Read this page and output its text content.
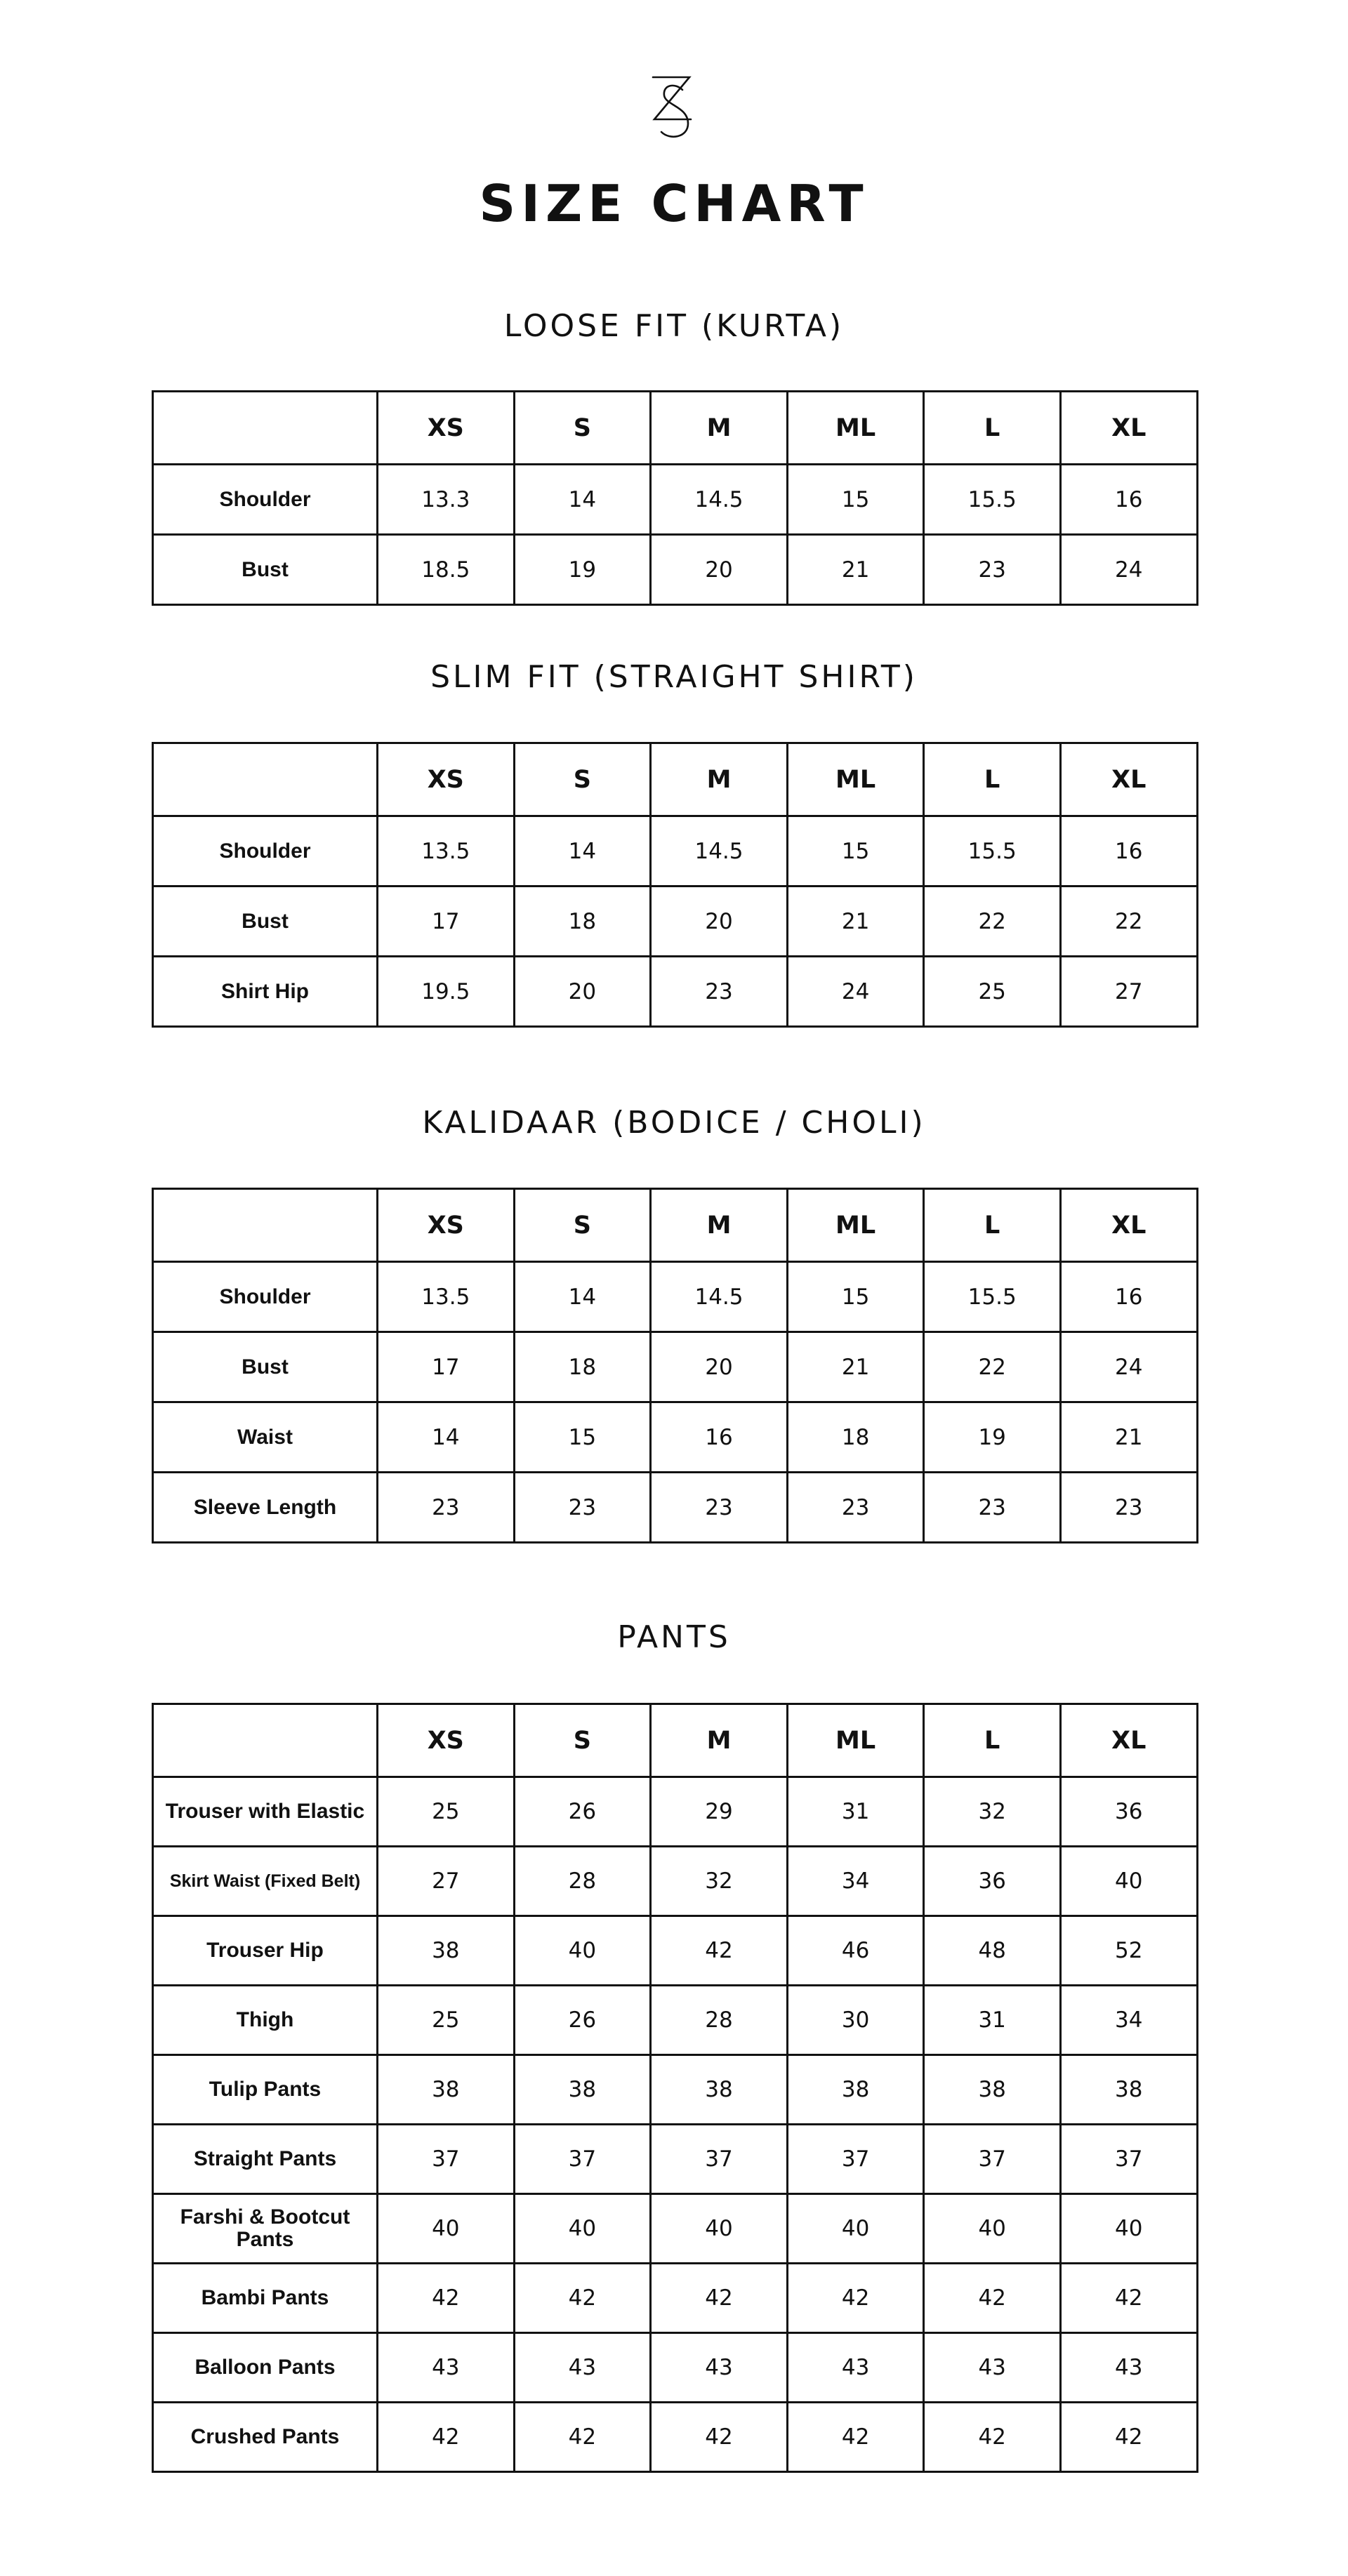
SIZE CHART
LOOSE FIT (KURTA)
	XS	S	M	ML	L	XL
Shoulder	13.3	14	14.5	15	15.5	16
Bust	18.5	19	20	21	23	24
SLIM FIT (STRAIGHT SHIRT)
	XS	S	M	ML	L	XL
Shoulder	13.5	14	14.5	15	15.5	16
Bust	17	18	20	21	22	22
Shirt Hip	19.5	20	23	24	25	27
KALIDAAR (BODICE / CHOLI)
	XS	S	M	ML	L	XL
Shoulder	13.5	14	14.5	15	15.5	16
Bust	17	18	20	21	22	24
Waist	14	15	16	18	19	21
Sleeve Length	23	23	23	23	23	23
PANTS
	XS	S	M	ML	L	XL
Trouser with Elastic	25	26	29	31	32	36
Skirt Waist (Fixed Belt)	27	28	32	34	36	40
Trouser Hip	38	40	42	46	48	52
Thigh	25	26	28	30	31	34
Tulip Pants	38	38	38	38	38	38
Straight Pants	37	37	37	37	37	37
Farshi & Bootcut Pants	40	40	40	40	40	40
Bambi Pants	42	42	42	42	42	42
Balloon Pants	43	43	43	43	43	43
Crushed Pants	42	42	42	42	42	42
